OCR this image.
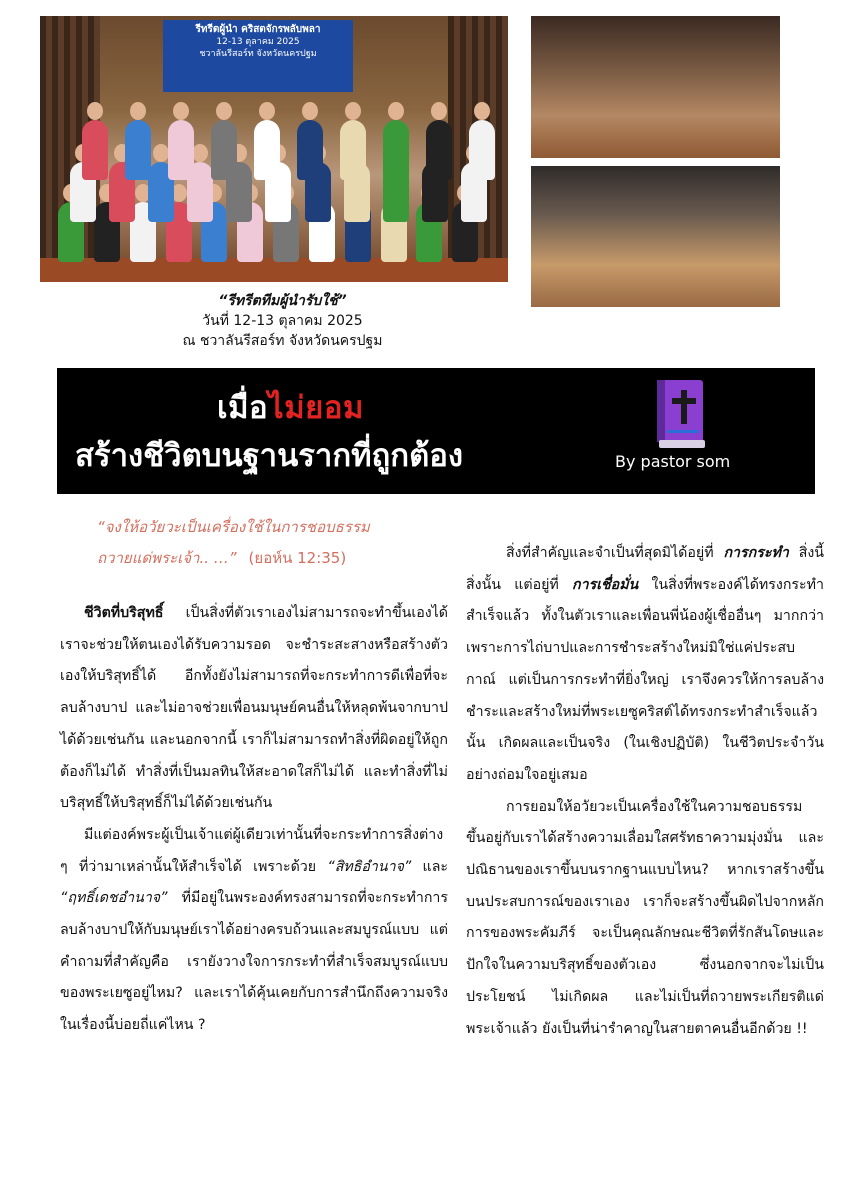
รีทรีตผู้นำ คริสตจักรพลับพลา
12-13 ตุลาคม 2025
ชวาลันรีสอร์ท จังหวัดนครปฐม
“รีทรีตทีมผู้นำรับใช้”
วันที่ 12-13 ตุลาคม 2025
ณ ชวาลันรีสอร์ท จังหวัดนครปฐม
เมื่อไม่ยอม
สร้างชีวิตบนฐานรากที่ถูกต้อง	By pastor som
“จงให้อวัยวะเป็นเครื่องใช้ในการชอบธรรม
ถวายแด่พระเจ้า.. …” (ยอห์น 12:35)

ชีวิตที่บริสุทธิ์ เป็นสิ่งที่ตัวเราเองไม่สามารถจะทำขึ้นเองได้ เราจะช่วยให้ตนเองได้รับความรอด จะชำระสะสางหรือสร้างตัวเองให้บริสุทธิ์ได้ อีกทั้งยังไม่สามารถที่จะกระทำการดีเพื่อที่จะลบล้างบาป และไม่อาจช่วยเพื่อนมนุษย์คนอื่นให้หลุดพ้นจากบาปได้ด้วยเช่นกัน และนอกจากนี้ เราก็ไม่สามารถทำสิ่งที่ผิดอยู่ให้ถูกต้องก็ไม่ได้ ทำสิ่งที่เป็นมลทินให้สะอาดใสก็ไม่ได้ และทำสิ่งที่ไม่บริสุทธิ์ให้บริสุทธิ์ก็ไม่ได้ด้วยเช่นกัน

มีแต่องค์พระผู้เป็นเจ้าแต่ผู้เดียวเท่านั้นที่จะกระทำการสิ่งต่าง ๆ ที่ว่ามาเหล่านั้นให้สำเร็จได้ เพราะด้วย “สิทธิอำนาจ” และ “ฤทธิ์เดชอำนาจ” ที่มีอยู่ในพระองค์ทรงสามารถที่จะกระทำการลบล้างบาปให้กับมนุษย์เราได้อย่างครบถ้วนและสมบูรณ์แบบ แต่คำถามที่สำคัญคือ เรายังวางใจการกระทำที่สำเร็จสมบูรณ์แบบของพระเยซูอยู่ไหม? และเราได้คุ้นเคยกับการสำนึกถึงความจริงในเรื่องนี้บ่อยถี่แค่ไหน ?

สิ่งที่สำคัญและจำเป็นที่สุดมิได้อยู่ที่ การกระทำ สิ่งนี้สิ่งนั้น แต่อยู่ที่ การเชื่อมั่น ในสิ่งที่พระองค์ได้ทรงกระทำสำเร็จแล้ว ทั้งในตัวเราและเพื่อนพี่น้องผู้เชื่ออื่นๆ มากกว่า เพราะการไถ่บาปและการชำระสร้างใหม่มิใช่แค่ประสบกาณ์ แต่เป็นการกระทำที่ยิ่งใหญ่ เราจึงควรให้การลบล้างชำระและสร้างใหม่ที่พระเยซูคริสต์ได้ทรงกระทำสำเร็จแล้วนั้น เกิดผลและเป็นจริง (ในเชิงปฏิบัติ) ในชีวิตประจำวันอย่างถ่อมใจอยู่เสมอ

การยอมให้อวัยวะเป็นเครื่องใช้ในความชอบธรรม ขึ้นอยู่กับเราได้สร้างความเลื่อมใสศรัทธาความมุ่งมั่น และปณิธานของเราขึ้นบนรากฐานแบบไหน? หากเราสร้างขึ้นบนประสบการณ์ของเราเอง เราก็จะสร้างขึ้นผิดไปจากหลักการของพระคัมภีร์ จะเป็นคุณลักษณะชีวิตที่รักสันโดษและปักใจในความบริสุทธิ์ของตัวเอง ซึ่งนอกจากจะไม่เป็นประโยชน์ ไม่เกิดผล และไม่เป็นที่ถวายพระเกียรติแด่พระเจ้าแล้ว ยังเป็นที่น่ารำคาญในสายตาคนอื่นอีกด้วย !!
